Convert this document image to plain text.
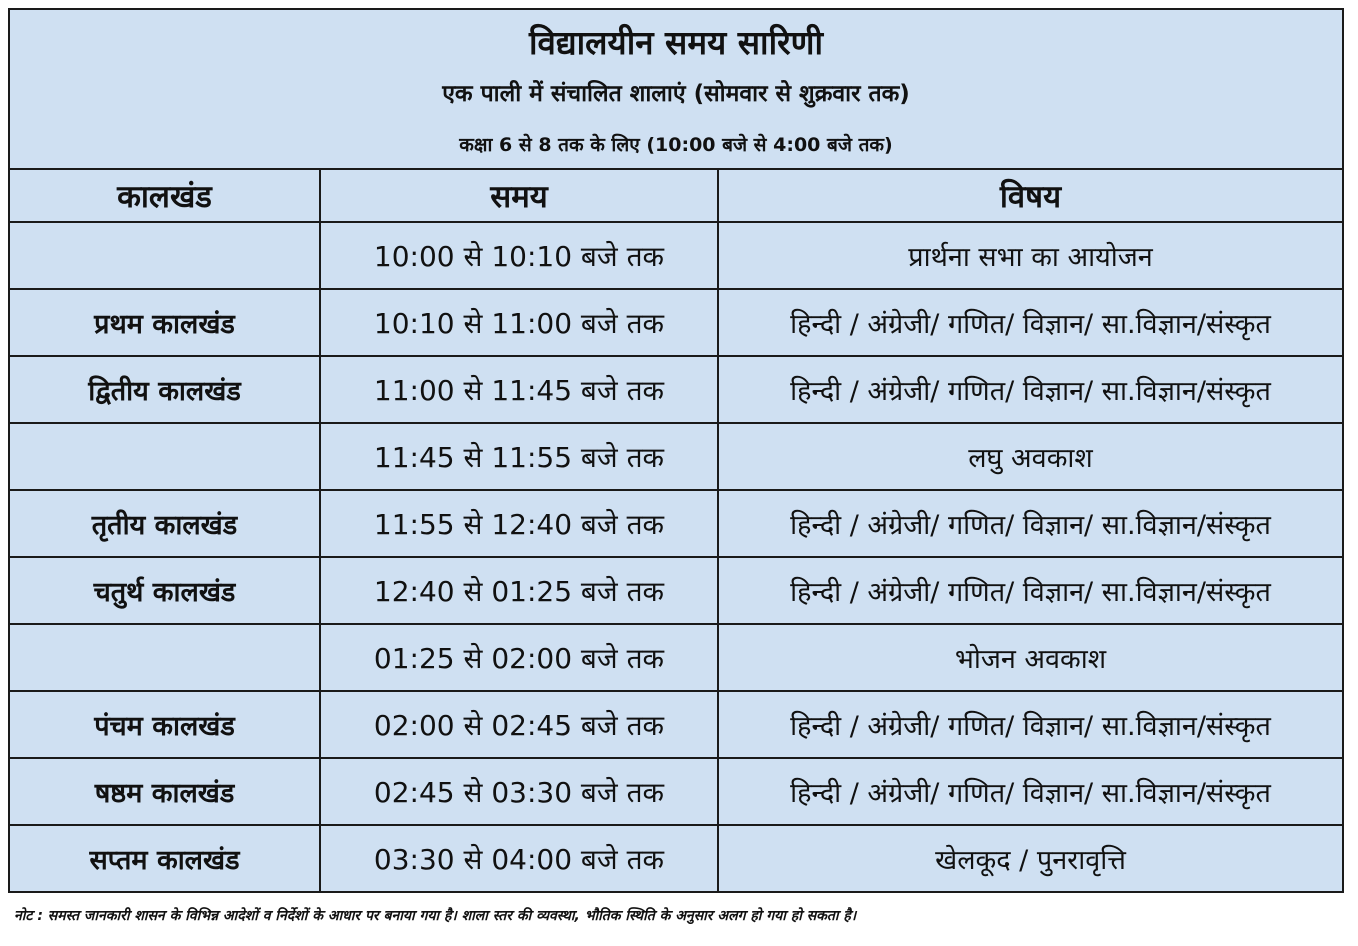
विद्यालयीन समय सारिणी
एक पाली में संचालित शालाएं (सोमवार से शुक्रवार तक)
कक्षा 6 से 8 तक के लिए (10:00 बजे से 4:00 बजे तक)
कालखंड	समय	विषय
	10:00 से 10:10 बजे तक	प्रार्थना सभा का आयोजन
प्रथम कालखंड	10:10 से 11:00 बजे तक	हिन्दी / अंग्रेजी/ गणित/ विज्ञान/ सा.विज्ञान/संस्कृत
द्वितीय कालखंड	11:00 से 11:45 बजे तक	हिन्दी / अंग्रेजी/ गणित/ विज्ञान/ सा.विज्ञान/संस्कृत
	11:45 से 11:55 बजे तक	लघु अवकाश
तृतीय कालखंड	11:55 से 12:40 बजे तक	हिन्दी / अंग्रेजी/ गणित/ विज्ञान/ सा.विज्ञान/संस्कृत
चतुर्थ कालखंड	12:40 से 01:25 बजे तक	हिन्दी / अंग्रेजी/ गणित/ विज्ञान/ सा.विज्ञान/संस्कृत
	01:25 से 02:00 बजे तक	भोजन अवकाश
पंचम कालखंड	02:00 से 02:45 बजे तक	हिन्दी / अंग्रेजी/ गणित/ विज्ञान/ सा.विज्ञान/संस्कृत
षष्ठम कालखंड	02:45 से 03:30 बजे तक	हिन्दी / अंग्रेजी/ गणित/ विज्ञान/ सा.विज्ञान/संस्कृत
सप्तम कालखंड	03:30 से 04:00 बजे तक	खेलकूद / पुनरावृत्ति
नोट : समस्त जानकारी शासन के विभिन्न आदेशों व निर्देशों के आधार पर बनाया गया है। शाला स्तर की व्यवस्था, भौतिक स्थिति के अनुसार अलग हो गया हो सकता है।
